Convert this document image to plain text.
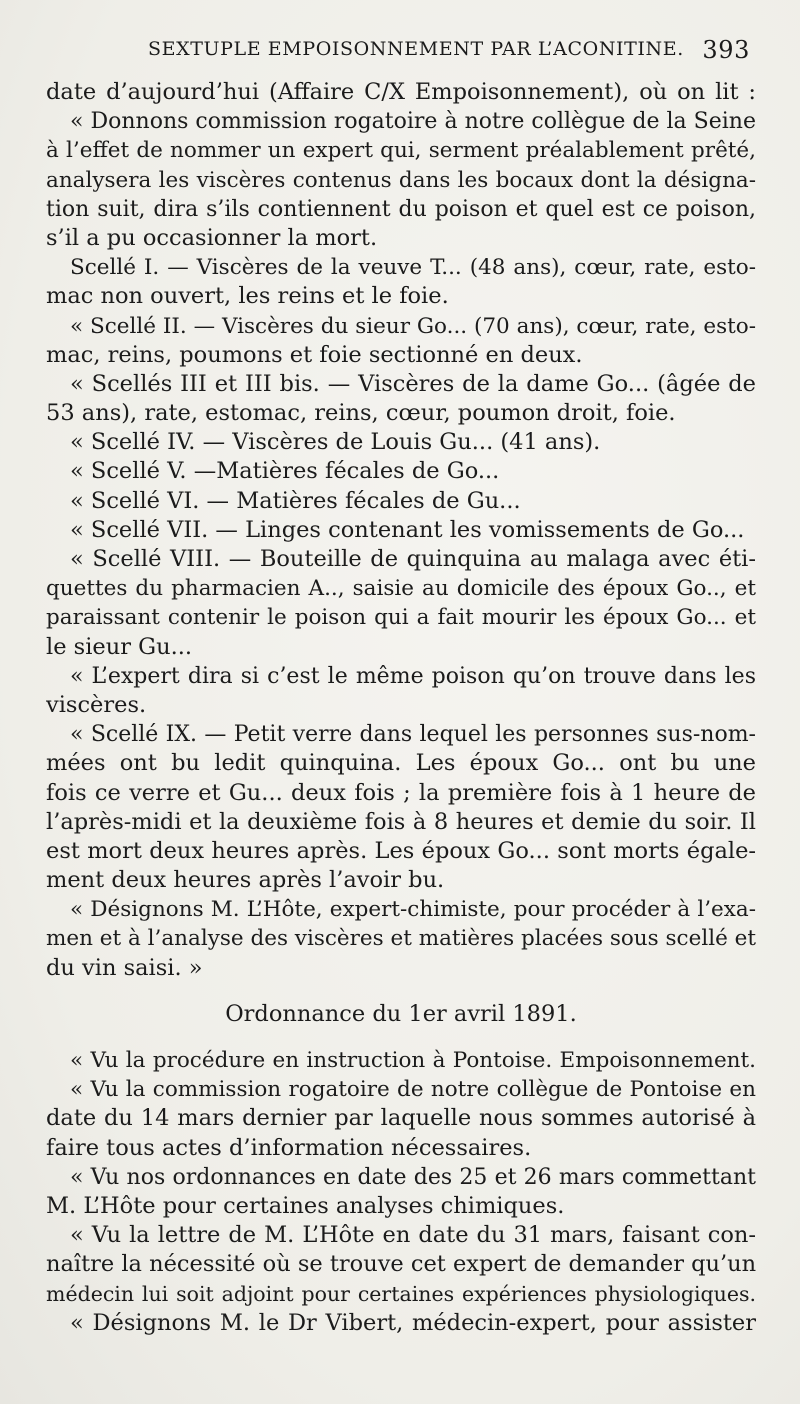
SEXTUPLE EMPOISONNEMENT PAR L’ACONITINE. 393
date d’aujourd’hui (Affaire C/X Empoisonnement), où on lit :
« Donnons commission rogatoire à notre collègue de la Seine
à l’effet de nommer un expert qui, serment préalablement prêté,
analysera les viscères contenus dans les bocaux dont la désigna-
tion suit, dira s’ils contiennent du poison et quel est ce poison,
s’il a pu occasionner la mort.
Scellé I. — Viscères de la veuve T... (48 ans), cœur, rate, esto-
mac non ouvert, les reins et le foie.
« Scellé II. — Viscères du sieur Go... (70 ans), cœur, rate, esto-
mac, reins, poumons et foie sectionné en deux.
« Scellés III et III bis. — Viscères de la dame Go... (âgée de
53 ans), rate, estomac, reins, cœur, poumon droit, foie.
« Scellé IV. — Viscères de Louis Gu... (41 ans).
« Scellé V. —Matières fécales de Go...
« Scellé VI. — Matières fécales de Gu...
« Scellé VII. — Linges contenant les vomissements de Go...
« Scellé VIII. — Bouteille de quinquina au malaga avec éti-
quettes du pharmacien A.., saisie au domicile des époux Go.., et
paraissant contenir le poison qui a fait mourir les époux Go... et
le sieur Gu...
« L’expert dira si c’est le même poison qu’on trouve dans les
viscères.
« Scellé IX. — Petit verre dans lequel les personnes sus-nom-
mées ont bu ledit quinquina. Les époux Go... ont bu une
fois ce verre et Gu... deux fois ; la première fois à 1 heure de
l’après-midi et la deuxième fois à 8 heures et demie du soir. Il
est mort deux heures après. Les époux Go... sont morts égale-
ment deux heures après l’avoir bu.
« Désignons M. L’Hôte, expert-chimiste, pour procéder à l’exa-
men et à l’analyse des viscères et matières placées sous scellé et
du vin saisi. »
Ordonnance du 1er avril 1891.
« Vu la procédure en instruction à Pontoise. Empoisonnement.
« Vu la commission rogatoire de notre collègue de Pontoise en
date du 14 mars dernier par laquelle nous sommes autorisé à
faire tous actes d’information nécessaires.
« Vu nos ordonnances en date des 25 et 26 mars commettant
M. L’Hôte pour certaines analyses chimiques.
« Vu la lettre de M. L’Hôte en date du 31 mars, faisant con-
naître la nécessité où se trouve cet expert de demander qu’un
médecin lui soit adjoint pour certaines expériences physiologiques.
« Désignons M. le Dr Vibert, médecin-expert, pour assister
